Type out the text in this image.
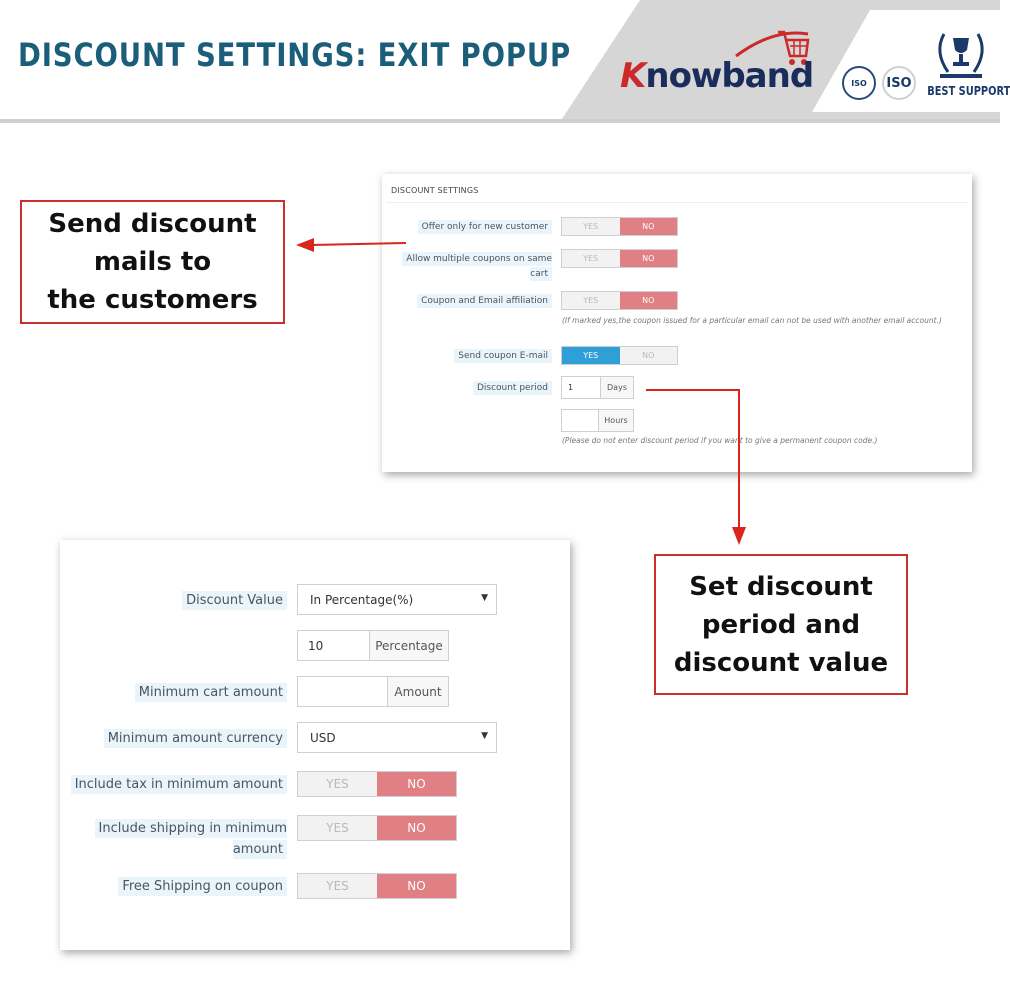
DISCOUNT SETTINGS: EXIT POPUP
Knowband	ISO	ISO
BEST SUPPORT
Send discount
mails to
the customers
Set discount
period and
discount value
DISCOUNT SETTINGS
Offer only for new customer	YES	NO
Allow multiple coupons on same cart
YES	NO
Coupon and Email affiliation	YES	NO
(If marked yes,the coupon issued for a particular email can not be used with another email account.)
Send coupon E-mail	YES	NO
Discount period	1	Days
Hours
(Please do not enter discount period if you want to give a permanent coupon code.)
Discount Value	In Percentage(%)	▼
10	Percentage
Minimum cart amount	Amount
Minimum amount currency	USD	▼
Include tax in minimum amount	YES	NO
Include shipping in minimum amount
YES	NO
Free Shipping on coupon	YES	NO
